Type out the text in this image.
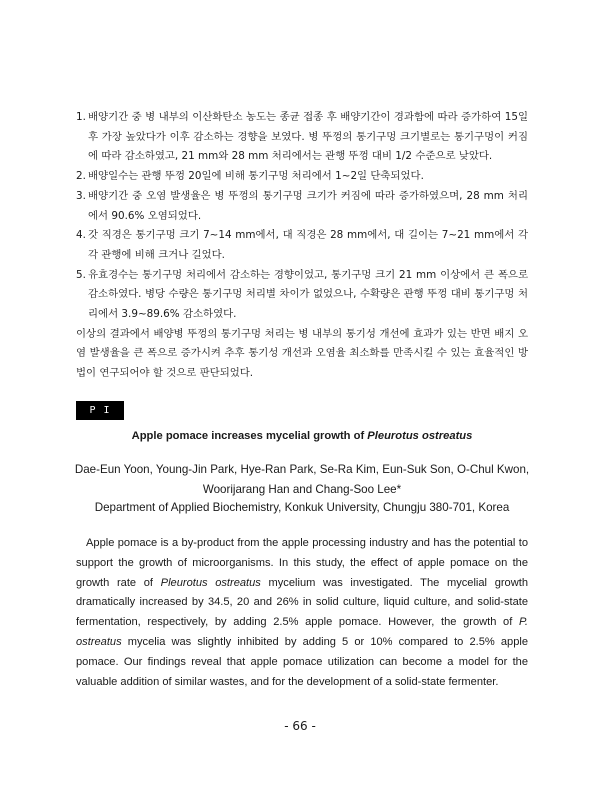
1. 배양기간 중 병 내부의 이산화탄소 농도는 종균 접종 후 배양기간이 경과함에 따라 증가하여 15일 후 가장 높았다가 이후 감소하는 경향을 보였다. 병 뚜껑의 통기구멍 크기별로는 통기구멍이 커짐에 따라 감소하였고, 21 mm와 28 mm 처리에서는 관행 뚜껑 대비 1/2 수준으로 낮았다.
2. 배양일수는 관행 뚜껑 20일에 비해 통기구멍 처리에서 1~2일 단축되었다.
3. 배양기간 중 오염 발생율은 병 뚜껑의 통기구멍 크기가 커짐에 따라 증가하였으며, 28 mm 처리에서 90.6% 오염되었다.
4. 갓 직경은 통기구멍 크기 7~14 mm에서, 대 직경은 28 mm에서, 대 길이는 7~21 mm에서 각각 관행에 비해 크거나 길었다.
5. 유효경수는 통기구멍 처리에서 감소하는 경향이었고, 통기구멍 크기 21 mm 이상에서 큰 폭으로 감소하였다. 병당 수량은 통기구멍 처리별 차이가 없었으나, 수확량은 관행 뚜껑 대비 통기구멍 처리에서 3.9~89.6% 감소하였다.
이상의 결과에서 배양병 뚜껑의 통기구멍 처리는 병 내부의 통기성 개선에 효과가 있는 반면 배지 오염 발생율을 큰 폭으로 증가시켜 추후 통기성 개선과 오염율 최소화를 만족시킬 수 있는 효율적인 방법이 연구되어야 할 것으로 판단되었다.
P I -09
Apple pomace increases mycelial growth of Pleurotus ostreatus
Dae-Eun Yoon, Young-Jin Park, Hye-Ran Park, Se-Ra Kim, Eun-Suk Son, O-Chul Kwon,
Woorijarang Han and Chang-Soo Lee*
Department of Applied Biochemistry, Konkuk University, Chungju 380-701, Korea
Apple pomace is a by-product from the apple processing industry and has the potential to support the growth of microorganisms. In this study, the effect of apple pomace on the growth rate of Pleurotus ostreatus mycelium was investigated. The mycelial growth dramatically increased by 34.5, 20 and 26% in solid culture, liquid culture, and solid-state fermentation, respectively, by adding 2.5% apple pomace. However, the growth of P. ostreatus mycelia was slightly inhibited by adding 5 or 10% compared to 2.5% apple pomace. Our findings reveal that apple pomace utilization can become a model for the valuable addition of similar wastes, and for the development of a solid-state fermenter.
- 66 -
